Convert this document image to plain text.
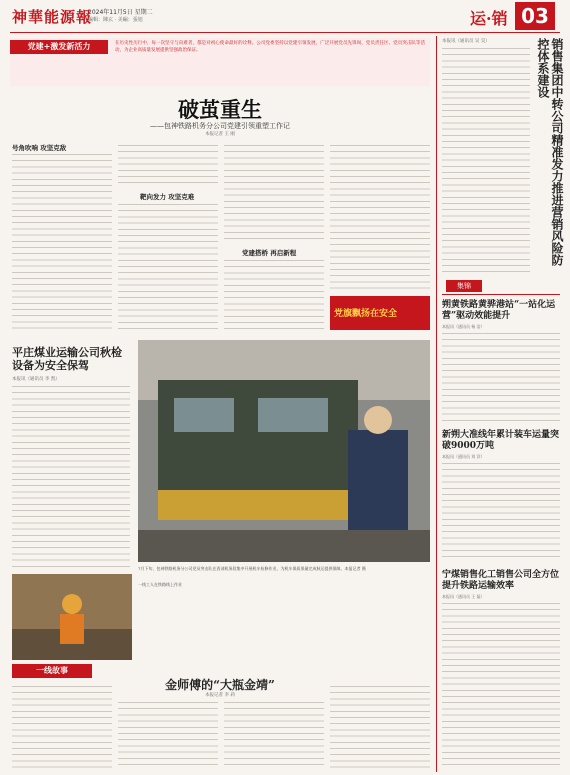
神華能源報
2024年11月5日 星期二
編輯：陳玄 · 美編：張旭	运·销 03
党建+激发新活力	在历史性历行中，每一次坚守与向难者，都是对初心使命最好的诠释。公司党委坚持以党建引领发展，广泛开展党员先锋岗、党员责任区、党员突击队等活动，为企业高质量发展提供坚强政治保证。
破茧重生
——包神铁路机务分公司党建引领重塑工作记
本报记者 王 刚
号角吹响 攻坚克敌
靶向发力 攻坚克难
党建搭桥 再启新程
党旗飘扬在安全
平庄煤业运输公司秋检设备为安全保驾
本报讯（通讯员 李 凯）
7月下旬，包神铁路机务分公司党员突击队在西部机务段集中开展机车检修作业，为机车保质保量完成秋运提供保障。本报记者 摄
一线工人在铁路线上作业
一线故事
金师傅的“大瓶金靖”
本报记者 李 莉
销售集团中转公司精准发力推进营销风险防控体系建设
本报讯（通讯员 吴 昊）
集锦
朔黄铁路黄骅港站“一站化运营”驱动效能提升
本报讯（通讯员 杨 浩）
新朔大准线年累计装车运量突破9000万吨
本报讯（通讯员 刘 洋）
宁煤销售化工销售公司全方位提升铁路运输效率
本报讯（通讯员 王 磊）
